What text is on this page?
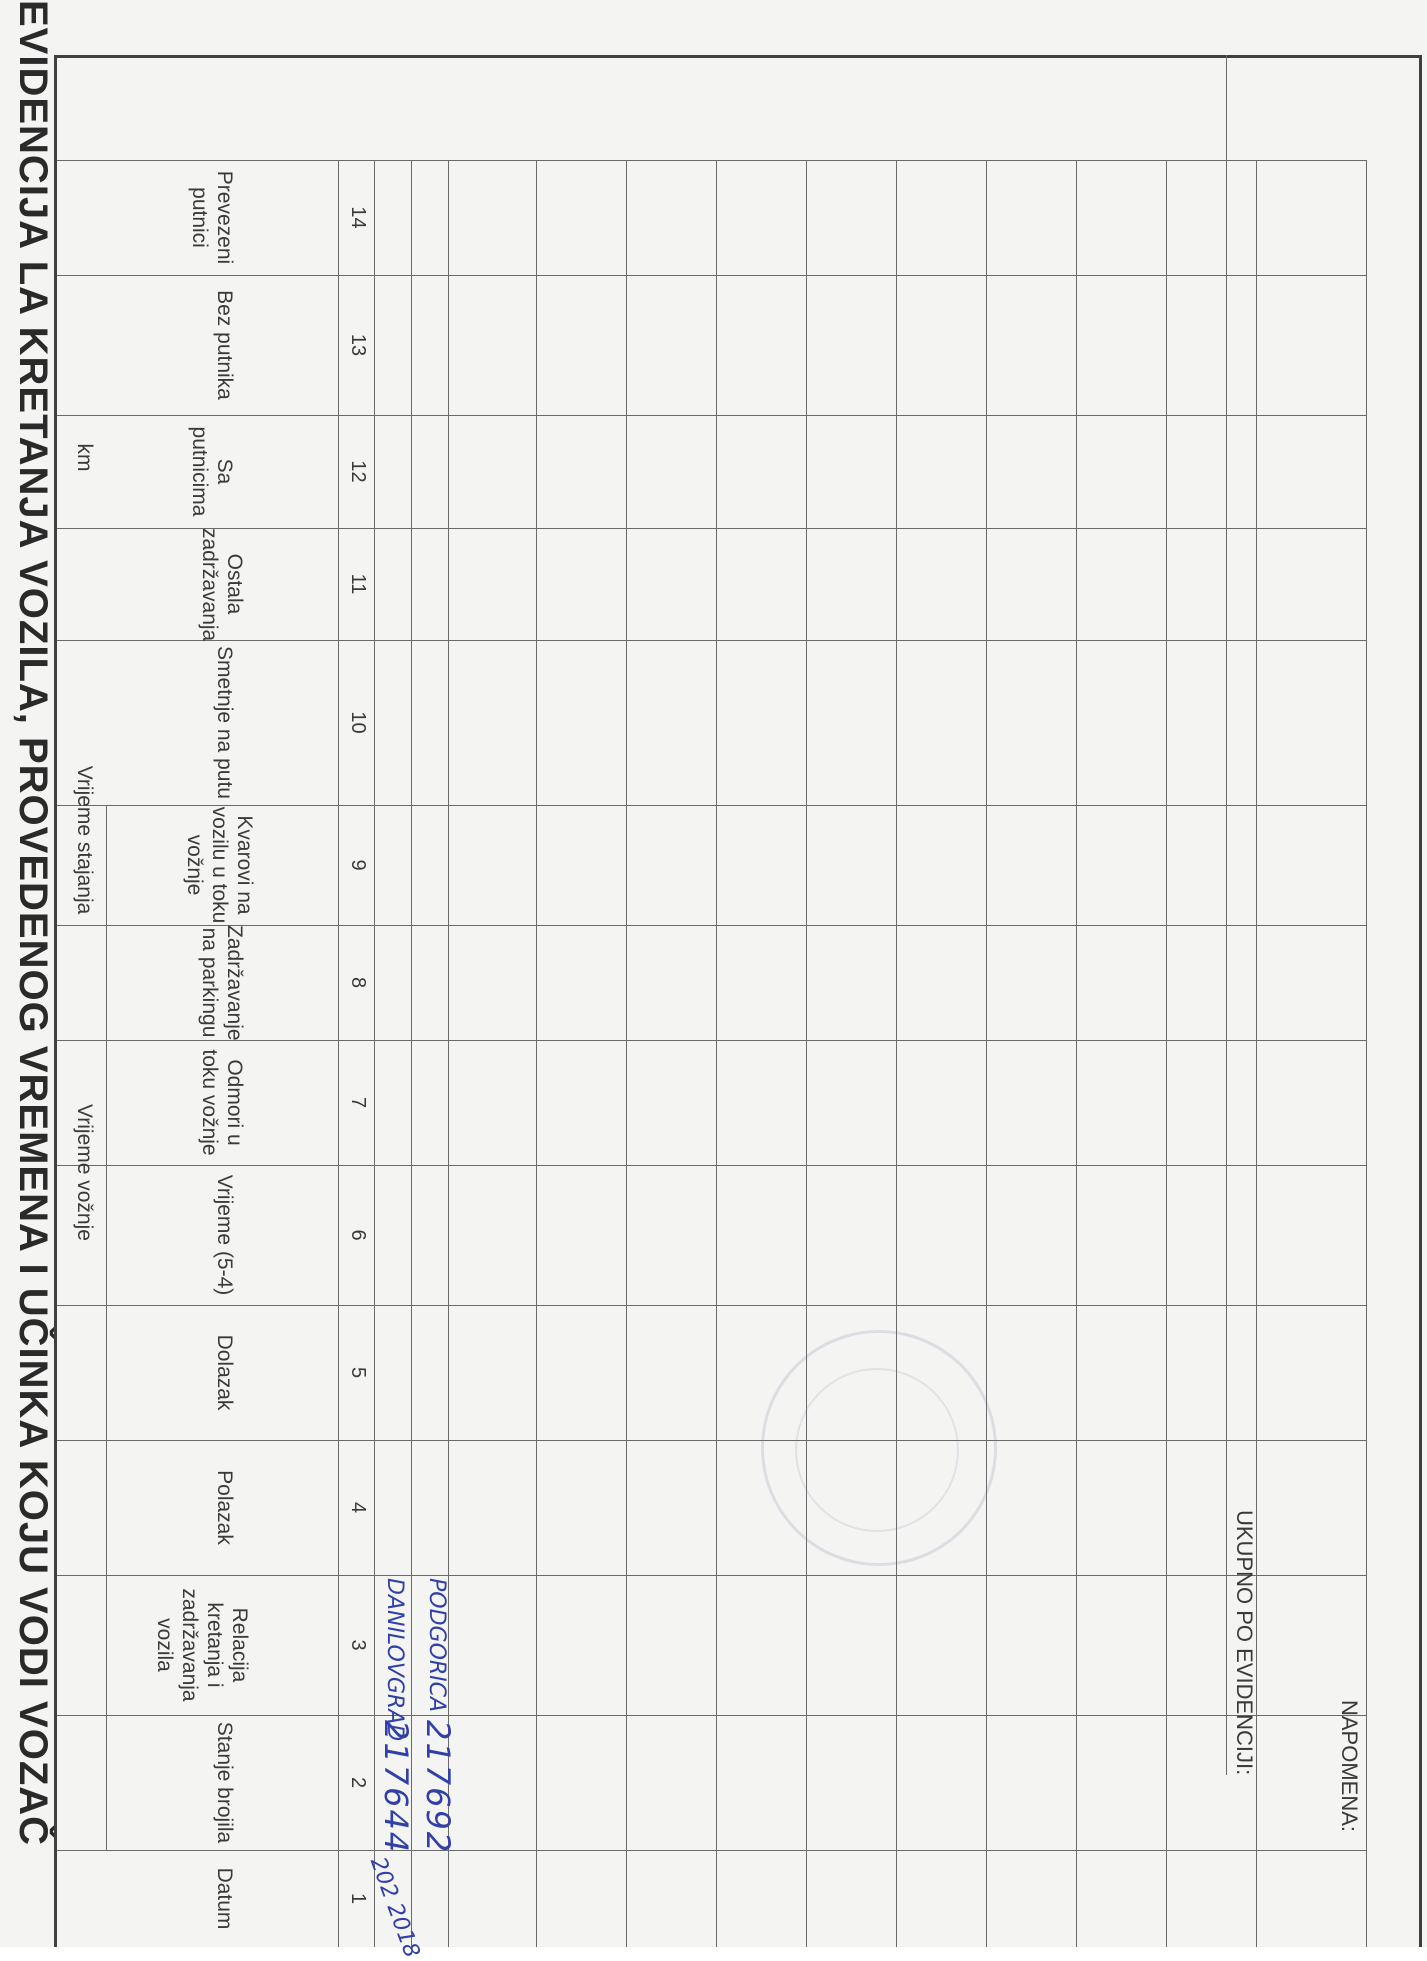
EVIDENCIJA LA KRETANJA VOZILA, PROVEDENOG VREMENA I UČINKA KOJU VODI VOZAČ
Datum
Stanje brojila
Relacija kretanja i zadržavanja vozila
Polazak
Dolazak
Vrijeme (5-4)
Odmori u toku vožnje
Zadržavanje na parkingu
Kvarovi na vozilu u toku vožnje
Smetnje na putu
Ostala zadržavanja
Sa putnicima
Bez putnika
Prevezeni putnici
Vrijeme vožnje
Vrijeme stajanja
km
1
2
3
4
5
6
7
8
9
10
11
12
13
14
202 2018
217644 217692
DANILOVGRAD PODGORICA	UKUPNO PO EVIDENCIJI:	NAPOMENA:
